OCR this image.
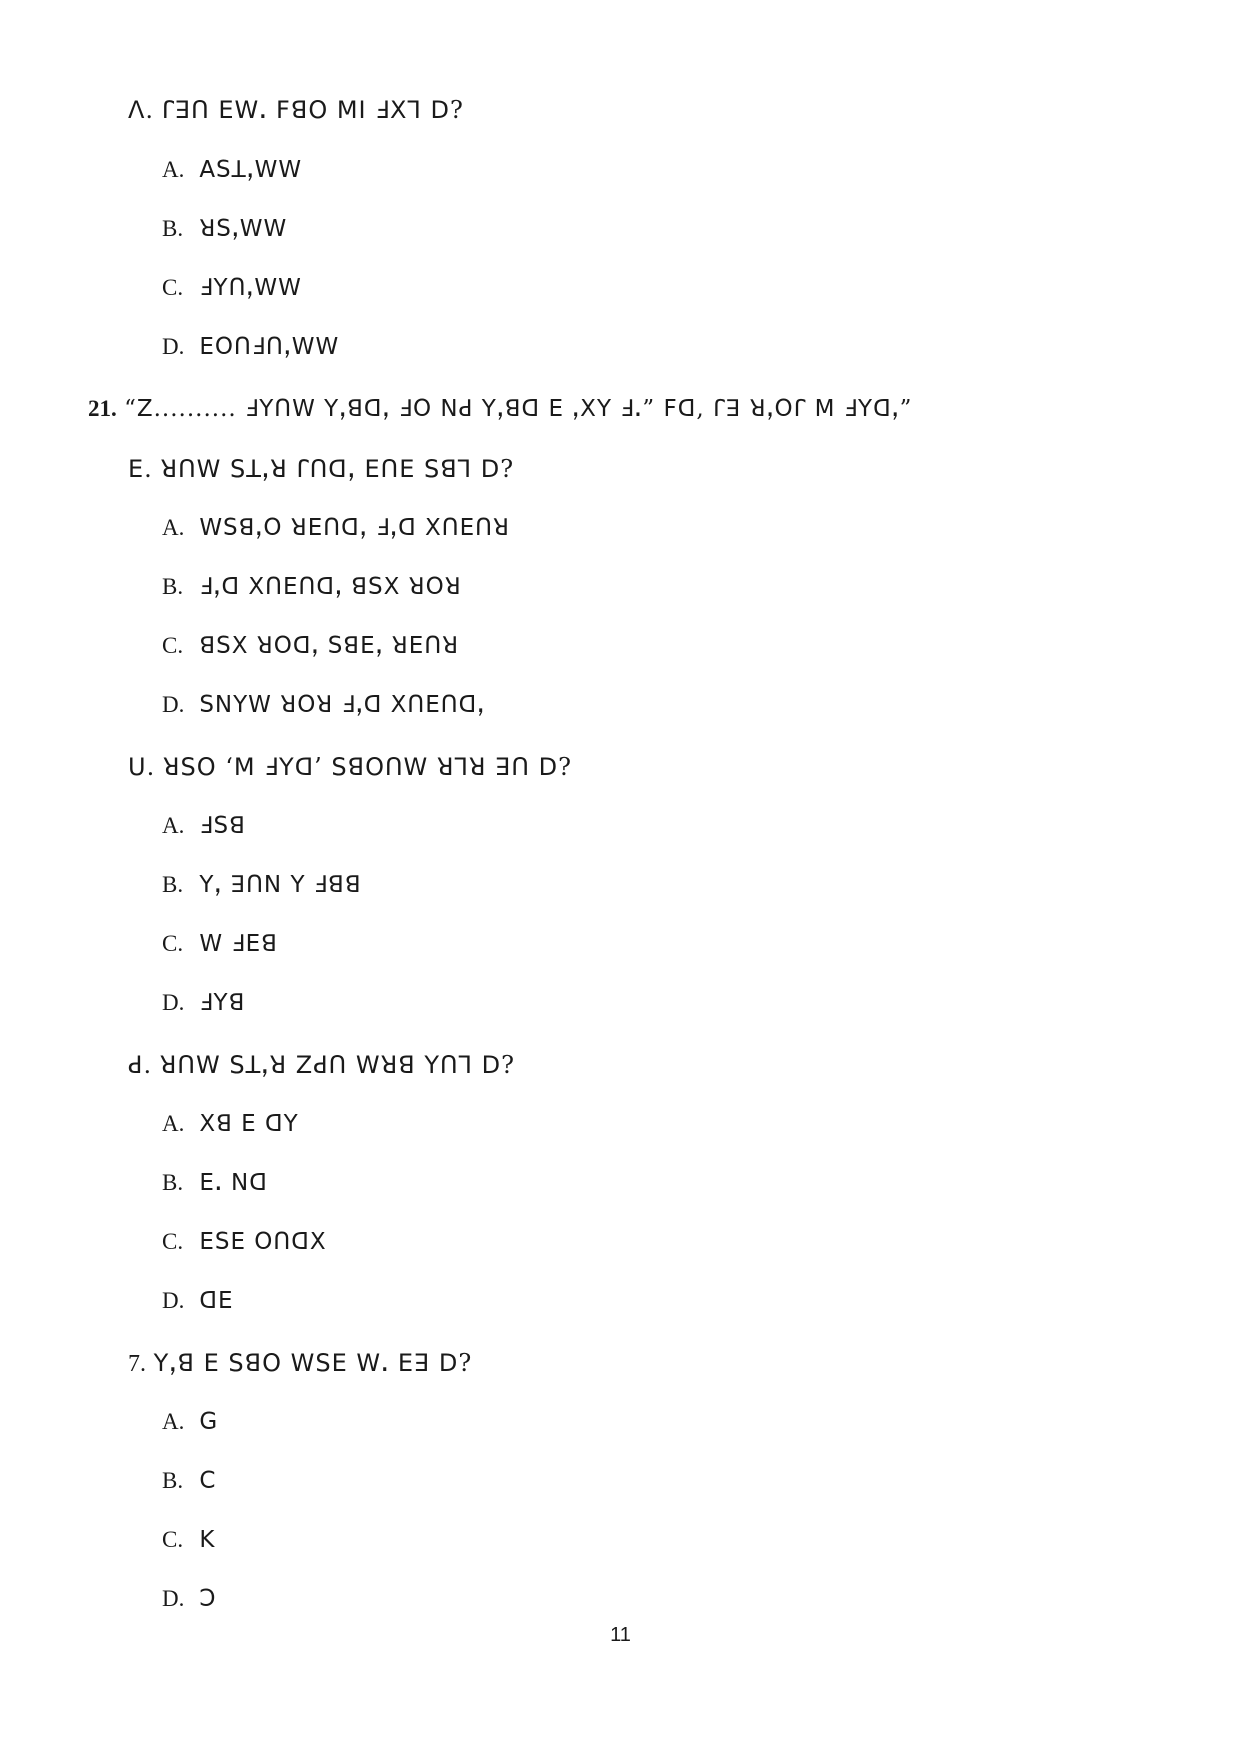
ꓥ. ꓩꓱꓵ ꓰꓪꓸ ꓝꓭꓳ ꓟꓲ ꓞꓫꓶ ꓓ?
A. ꓮꓢꓕꓹꓪꓪ
B. ꓤꓢꓹꓪꓪ
C. ꓞꓬꓵꓹꓪꓪ
D. ꓰꓳꓵꓞꓵꓹꓪꓪ
21. “ꓜ.......... ꓞꓬꓵꓪ ꓬꓹꓭꓷꓹ ꓞꓳ ꓠꓒ ꓬꓹꓭꓷ ꓰ ꓹꓫꓬ ꓞꓸ” ꓝꓷ, ꓩꓱ ꓤꓹꓳꓩ ꓟ ꓞꓬꓷꓹ”
ꓰ. ꓤꓵꓪ ꓢꓕꓹꓤ ꓩꓵꓷꓹ ꓰꓵꓰ ꓢꓭꓶ ꓓ?
A. ꓪꓢꓭꓹꓳ ꓤꓰꓵꓷꓹ ꓞꓹꓷ ꓫꓵꓰꓵꓤ
B. ꓞꓹꓷ ꓫꓵꓰꓵꓷꓹ ꓭꓢꓫ ꓤꓳꓤ
C. ꓭꓢꓫ ꓤꓳꓷꓹ ꓢꓭꓰꓹ ꓤꓰꓵꓤ
D. ꓢꓠꓬꓪ ꓤꓳꓤ ꓞꓹꓷ ꓫꓵꓰꓵꓷꓹ
ꓴ. ꓤꓢꓳ ‘ꓟ ꓞꓬꓷ’ ꓢꓭꓳꓵꓪ ꓤꓶꓤ ꓱꓵ ꓓ?
A. ꓞꓢꓭ
B. ꓬꓹ ꓱꓵꓠ ꓬ ꓞꓭꓭ
C. ꓪ ꓞꓰꓭ
D. ꓞꓬꓭ
ꓒ. ꓤꓵꓪ ꓢꓕꓹꓤ ꓜꓒꓵ ꓪꓤꓭ ꓬꓵꓶ ꓓ?
A. ꓫꓭ ꓰ ꓷꓬ
B. ꓰꓸ ꓠꓷ
C. ꓰꓢꓰ ꓳꓵꓷꓫ
D. ꓷꓰ
7. ꓬꓹꓭ ꓰ ꓢꓭꓳ ꓪꓢꓰ ꓪꓸ ꓰꓱ ꓓ?
A. ꓖ
B. ꓚ
C. ꓗ
D. ꓛ
11
